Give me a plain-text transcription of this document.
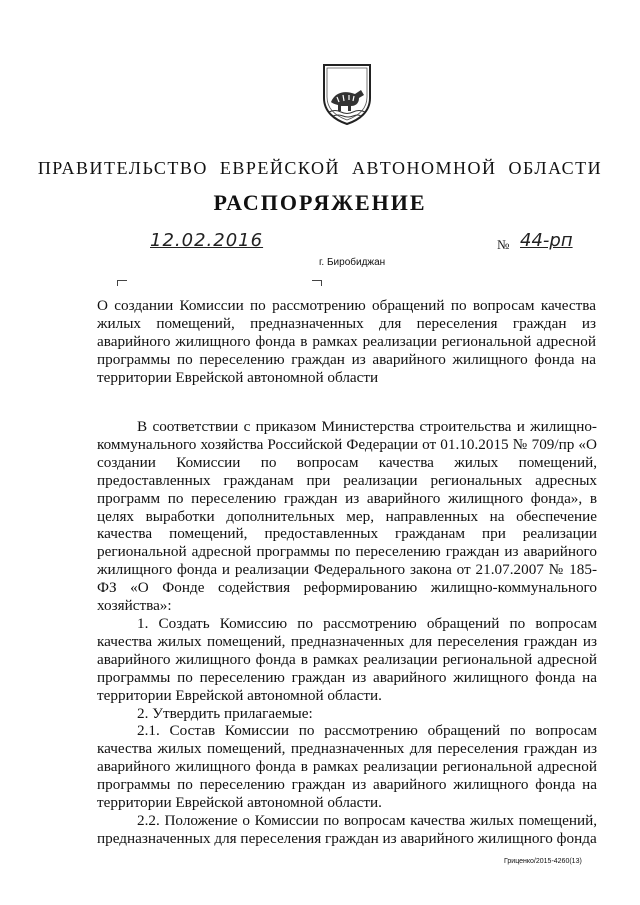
ПРАВИТЕЛЬСТВО ЕВРЕЙСКОЙ АВТОНОМНОЙ ОБЛАСТИ
РАСПОРЯЖЕНИЕ
12.02.2016	№ 44-рп
г. Биробиджан
О создании Комиссии по рассмотрению обращений по вопросам качества жилых помещений, предназначенных для переселения граждан из аварийного жилищного фонда в рамках реализации региональной адресной программы по переселению граждан из аварийного жилищного фонда на территории Еврейской автономной области

В соответствии с приказом Министерства строительства и жилищно-коммунального хозяйства Российской Федерации от 01.10.2015 № 709/пр «О создании Комиссии по вопросам качества жилых помещений, предоставленных гражданам при реализации региональных адресных программ по переселению граждан из аварийного жилищного фонда», в целях выработки дополнительных мер, направленных на обеспечение качества помещений, предоставленных гражданам при реализации региональной адресной программы по переселению граждан из аварийного жилищного фонда и реализации Федерального закона от 21.07.2007 № 185-ФЗ «О Фонде содействия реформированию жилищно-коммунального хозяйства»:

1. Создать Комиссию по рассмотрению обращений по вопросам качества жилых помещений, предназначенных для переселения граждан из аварийного жилищного фонда в рамках реализации региональной адресной программы по переселению граждан из аварийного жилищного фонда на территории Еврейской автономной области.

2. Утвердить прилагаемые:

2.1. Состав Комиссии по рассмотрению обращений по вопросам качества жилых помещений, предназначенных для переселения граждан из аварийного жилищного фонда в рамках реализации региональной адресной программы по переселению граждан из аварийного жилищного фонда на территории Еврейской автономной области.

2.2. Положение о Комиссии по вопросам качества жилых помещений, предназначенных для переселения граждан из аварийного жилищного фонда

Гриценко/2015-4260(13)
